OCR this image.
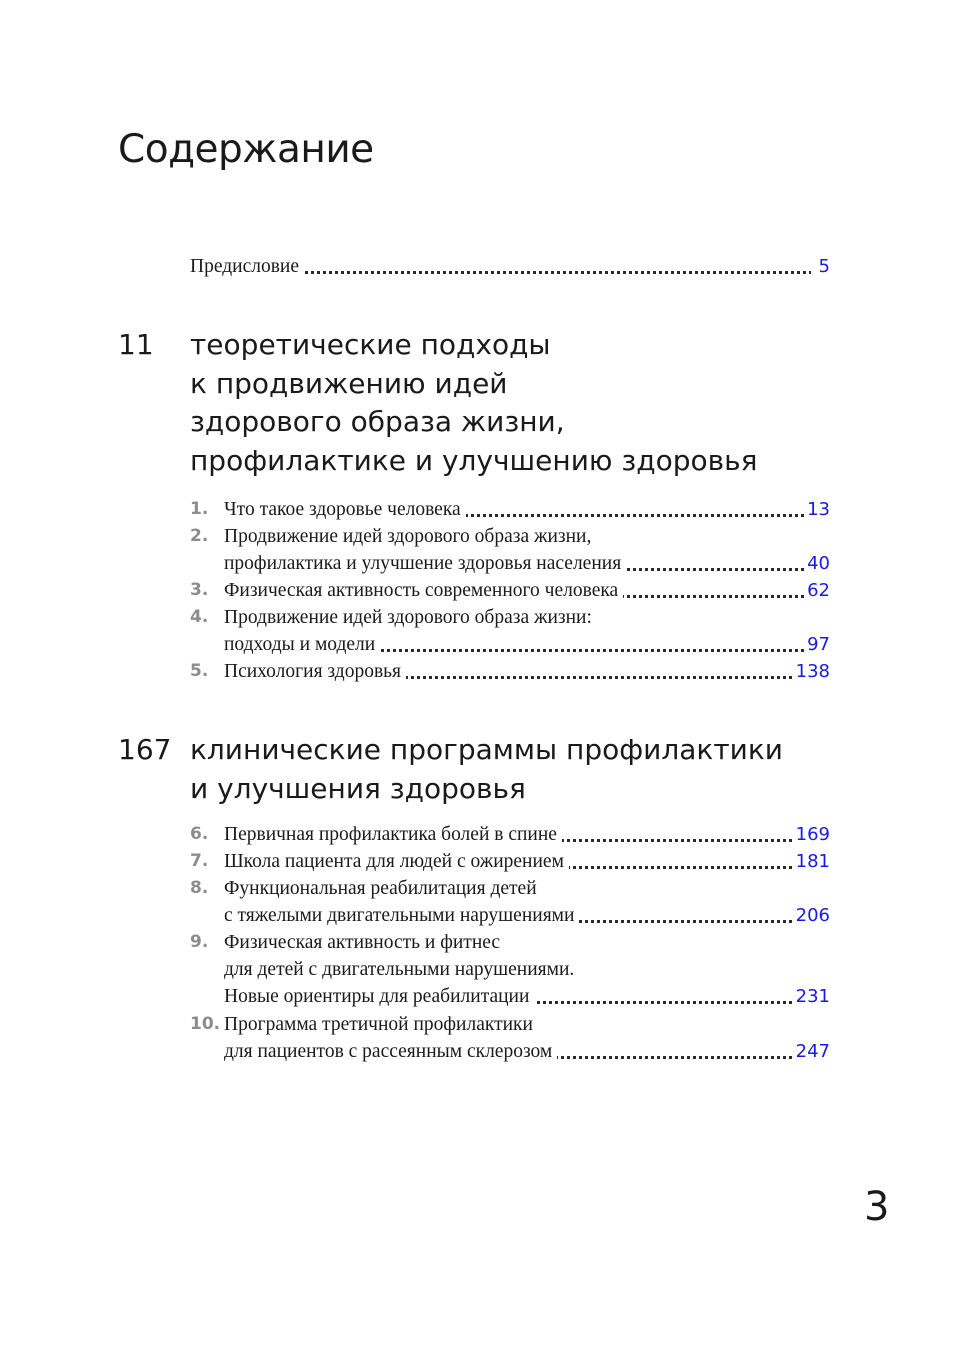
Содержание
Предисловие	5
11 теоретические подходы
к продвижению идей
здорового образа жизни,
профилактике и улучшению здоровья
1. Что такое здоровье человека	13
2. Продвижение идей здорового образа жизни,
профилактика и улучшение здоровья населения	40
3. Физическая активность современного человека	62
4. Продвижение идей здорового образа жизни:
подходы и модели	97
5. Психология здоровья	138
167 клинические программы профилактики
и улучшения здоровья
6. Первичная профилактика болей в спине	169
7. Школа пациента для людей с ожирением	181
8. Функциональная реабилитация детей
с тяжелыми двигательными нарушениями	206
9. Физическая активность и фитнес
для детей с двигательными нарушениями.
Новые ориентиры для реабилитации	231
10. Программа третичной профилактики
для пациентов с рассеянным склерозом	247
3
